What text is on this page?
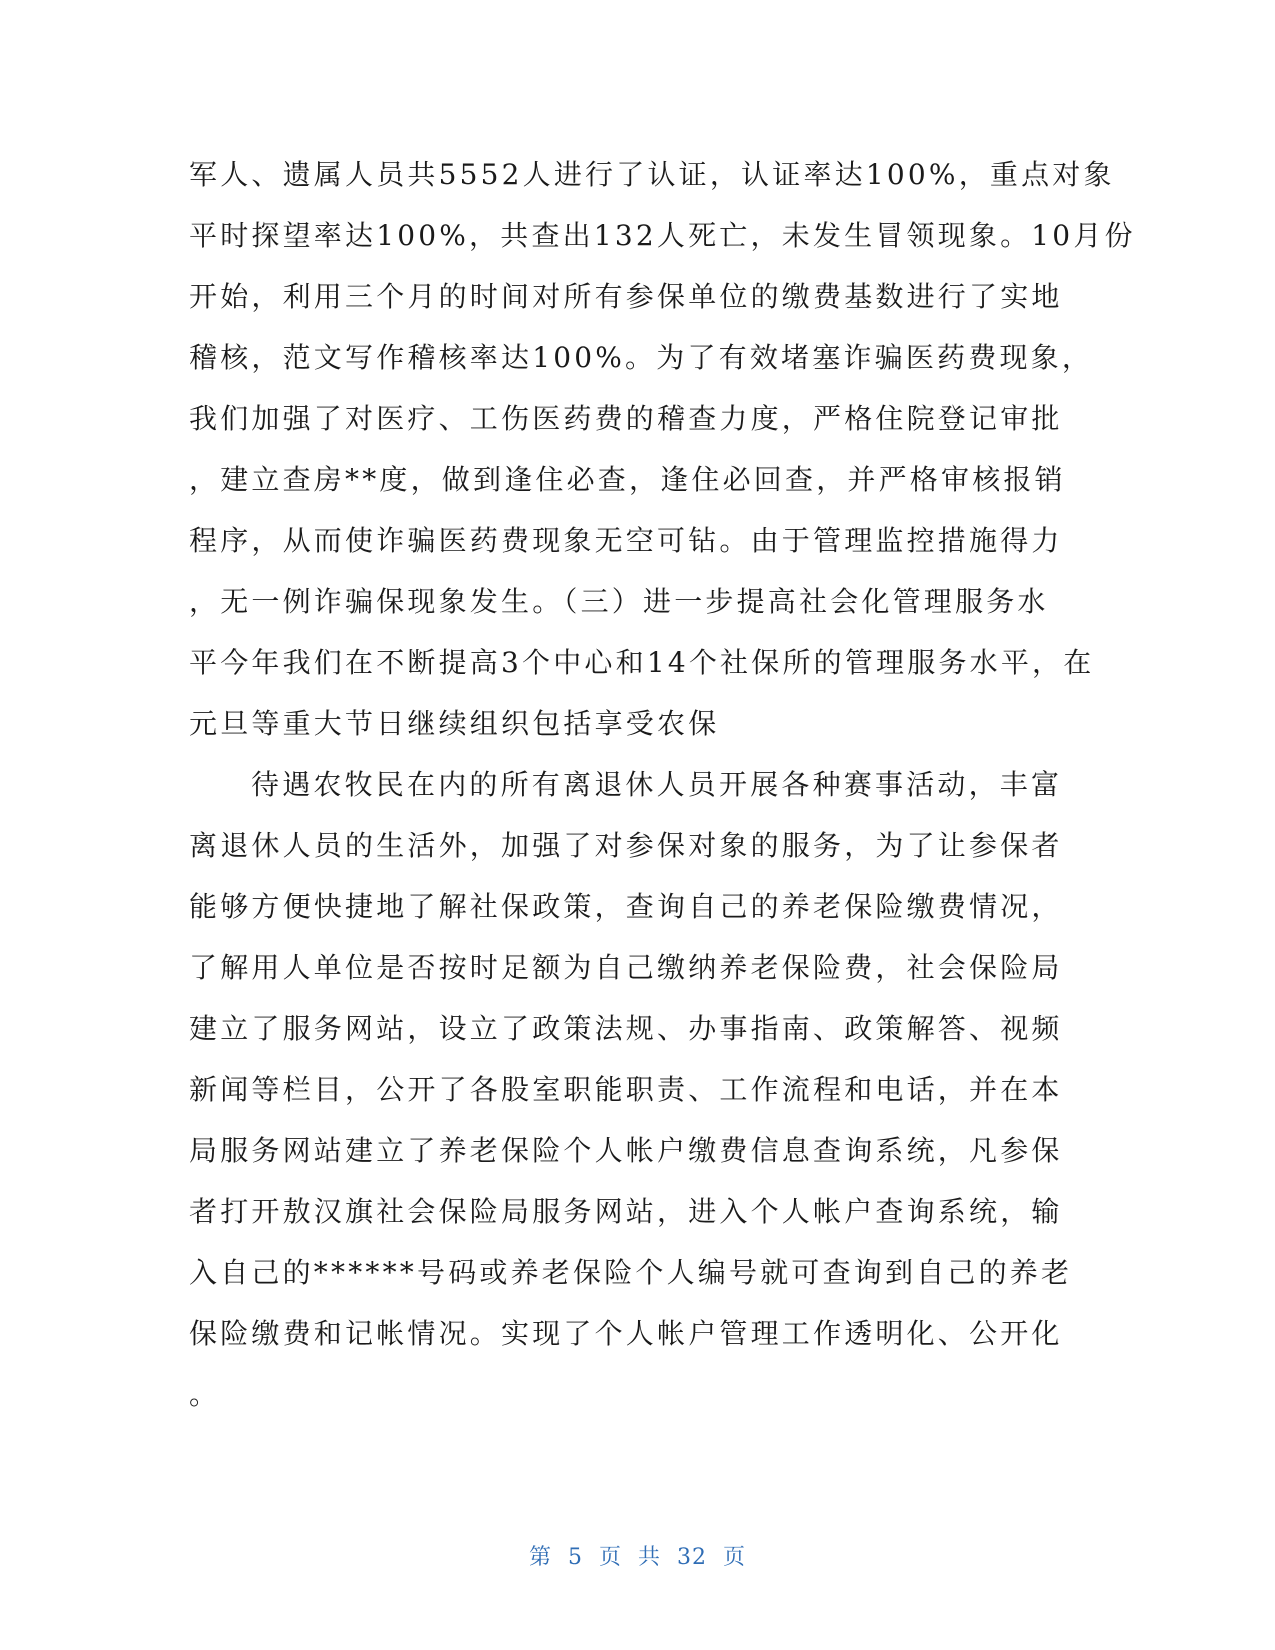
军人、遗属人员共5552人进行了认证，认证率达100%，重点对象
平时探望率达100%，共查出132人死亡，未发生冒领现象。10月份
开始，利用三个月的时间对所有参保单位的缴费基数进行了实地
稽核，范文写作稽核率达100%。为了有效堵塞诈骗医药费现象，
我们加强了对医疗、工伤医药费的稽查力度，严格住院登记审批
，建立查房**度，做到逢住必查，逢住必回查，并严格审核报销
程序，从而使诈骗医药费现象无空可钻。由于管理监控措施得力
，无一例诈骗保现象发生。（三）进一步提高社会化管理服务水
平今年我们在不断提高3个中心和14个社保所的管理服务水平，在
元旦等重大节日继续组织包括享受农保
待遇农牧民在内的所有离退休人员开展各种赛事活动，丰富
离退休人员的生活外，加强了对参保对象的服务，为了让参保者
能够方便快捷地了解社保政策，查询自己的养老保险缴费情况，
了解用人单位是否按时足额为自己缴纳养老保险费，社会保险局
建立了服务网站，设立了政策法规、办事指南、政策解答、视频
新闻等栏目，公开了各股室职能职责、工作流程和电话，并在本
局服务网站建立了养老保险个人帐户缴费信息查询系统，凡参保
者打开敖汉旗社会保险局服务网站，进入个人帐户查询系统，输
入自己的******号码或养老保险个人编号就可查询到自己的养老
保险缴费和记帐情况。实现了个人帐户管理工作透明化、公开化
。
第 5 页 共 32 页
